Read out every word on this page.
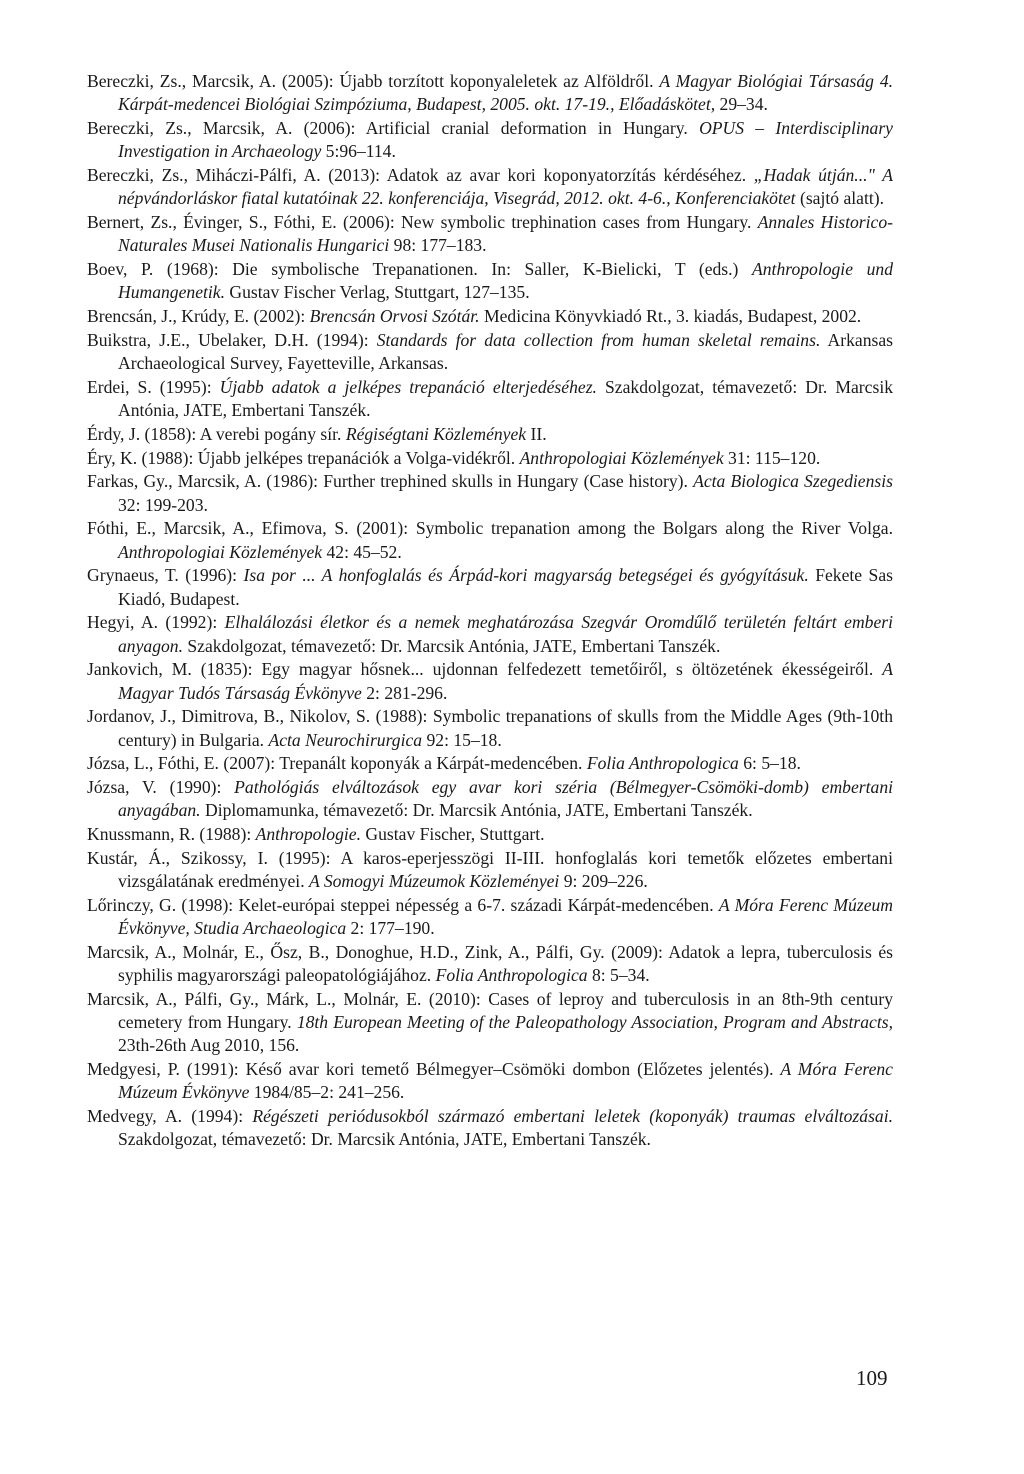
Bereczki, Zs., Marcsik, A. (2005): Újabb torzított koponyaleletek az Alföldről. A Magyar Biológiai Társaság 4. Kárpát-medencei Biológiai Szimpóziuma, Budapest, 2005. okt. 17-19., Előadáskötet, 29–34.

Bereczki, Zs., Marcsik, A. (2006): Artificial cranial deformation in Hungary. OPUS – Interdisciplinary Investigation in Archaeology 5:96–114.

Bereczki, Zs., Miháczi-Pálfi, A. (2013): Adatok az avar kori koponyatorzítás kérdéséhez. „Hadak útján..." A népvándorláskor fiatal kutatóinak 22. konferenciája, Visegrád, 2012. okt. 4-6., Konferenciakötet (sajtó alatt).

Bernert, Zs., Évinger, S., Fóthi, E. (2006): New symbolic trephination cases from Hungary. Annales Historico-Naturales Musei Nationalis Hungarici 98: 177–183.

Boev, P. (1968): Die symbolische Trepanationen. In: Saller, K-Bielicki, T (eds.) Anthropologie und Humangenetik. Gustav Fischer Verlag, Stuttgart, 127–135.

Brencsán, J., Krúdy, E. (2002): Brencsán Orvosi Szótár. Medicina Könyvkiadó Rt., 3. kiadás, Budapest, 2002.

Buikstra, J.E., Ubelaker, D.H. (1994): Standards for data collection from human skeletal remains. Arkansas Archaeological Survey, Fayetteville, Arkansas.

Erdei, S. (1995): Újabb adatok a jelképes trepanáció elterjedéséhez. Szakdolgozat, témavezető: Dr. Marcsik Antónia, JATE, Embertani Tanszék.

Érdy, J. (1858): A verebi pogány sír. Régiségtani Közlemények II.

Éry, K. (1988): Újabb jelképes trepanációk a Volga-vidékről. Anthropologiai Közlemények 31: 115–120.

Farkas, Gy., Marcsik, A. (1986): Further trephined skulls in Hungary (Case history). Acta Biologica Szegediensis 32: 199-203.

Fóthi, E., Marcsik, A., Efimova, S. (2001): Symbolic trepanation among the Bolgars along the River Volga. Anthropologiai Közlemények 42: 45–52.

Grynaeus, T. (1996): Isa por ... A honfoglalás és Árpád-kori magyarság betegségei és gyógyításuk. Fekete Sas Kiadó, Budapest.

Hegyi, A. (1992): Elhalálozási életkor és a nemek meghatározása Szegvár Oromdűlő területén feltárt emberi anyagon. Szakdolgozat, témavezető: Dr. Marcsik Antónia, JATE, Embertani Tanszék.

Jankovich, M. (1835): Egy magyar hősnek... ujdonnan felfedezett temetőiről, s öltözetének ékességeiről. A Magyar Tudós Társaság Évkönyve 2: 281-296.

Jordanov, J., Dimitrova, B., Nikolov, S. (1988): Symbolic trepanations of skulls from the Middle Ages (9th-10th century) in Bulgaria. Acta Neurochirurgica 92: 15–18.

Józsa, L., Fóthi, E. (2007): Trepanált koponyák a Kárpát-medencében. Folia Anthropologica 6: 5–18.

Józsa, V. (1990): Pathológiás elváltozások egy avar kori széria (Bélmegyer-Csömöki-domb) embertani anyagában. Diplomamunka, témavezető: Dr. Marcsik Antónia, JATE, Embertani Tanszék.

Knussmann, R. (1988): Anthropologie. Gustav Fischer, Stuttgart.

Kustár, Á., Szikossy, I. (1995): A karos-eperjesszögi II-III. honfoglalás kori temetők előzetes embertani vizsgálatának eredményei. A Somogyi Múzeumok Közleményei 9: 209–226.

Lőrinczy, G. (1998): Kelet-európai steppei népesség a 6-7. századi Kárpát-medencében. A Móra Ferenc Múzeum Évkönyve, Studia Archaeologica 2: 177–190.

Marcsik, A., Molnár, E., Ősz, B., Donoghue, H.D., Zink, A., Pálfi, Gy. (2009): Adatok a lepra, tuberculosis és syphilis magyarországi paleopatológiájához. Folia Anthropologica 8: 5–34.

Marcsik, A., Pálfi, Gy., Márk, L., Molnár, E. (2010): Cases of leproy and tuberculosis in an 8th-9th century cemetery from Hungary. 18th European Meeting of the Paleopathology Association, Program and Abstracts, 23th-26th Aug 2010, 156.

Medgyesi, P. (1991): Késő avar kori temető Bélmegyer–Csömöki dombon (Előzetes jelentés). A Móra Ferenc Múzeum Évkönyve 1984/85–2: 241–256.

Medvegy, A. (1994): Régészeti periódusokból származó embertani leletek (koponyák) traumas elváltozásai. Szakdolgozat, témavezető: Dr. Marcsik Antónia, JATE, Embertani Tanszék.

109
